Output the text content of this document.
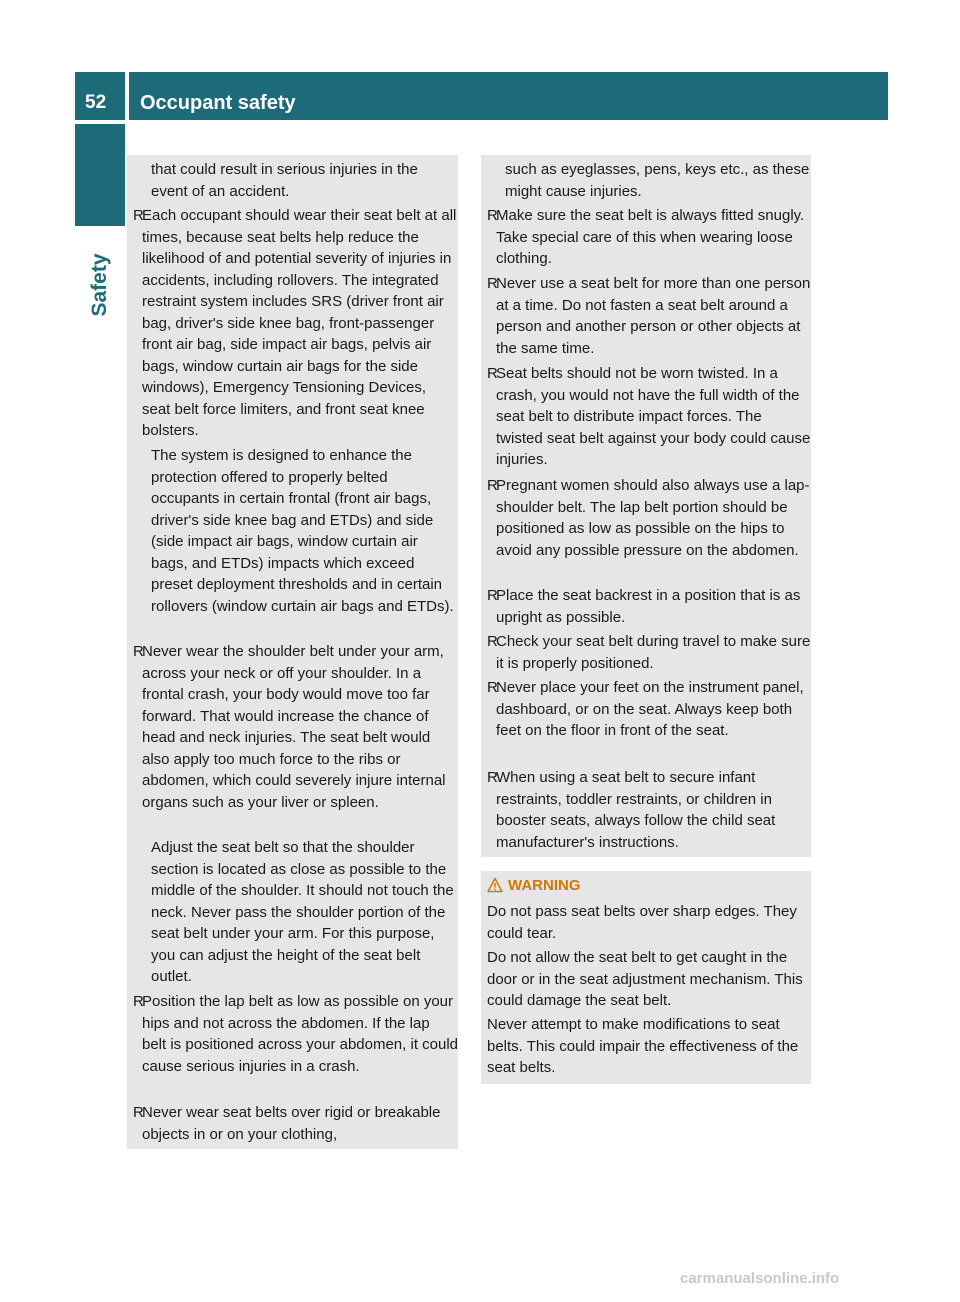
52 Occupant safety
Safety

that could result in serious injuries in the event of an accident.

R

Each occupant should wear their seat belt at all times, because seat belts help reduce the likelihood of and potential severity of injuries in accidents, including rollovers. The integrated restraint system includes SRS (driver front air bag, driver's side knee bag, front-passenger front air bag, side impact air bags, pelvis air bags, window curtain air bags for the side windows), Emergency Tensioning Devices, seat belt force limiters, and front seat knee bolsters.

The system is designed to enhance the protection offered to properly belted occupants in certain frontal (front air bags, driver's side knee bag and ETDs) and side (side impact air bags, window curtain air bags, and ETDs) impacts which exceed preset deployment thresholds and in certain rollovers (window curtain air bags and ETDs).

R

Never wear the shoulder belt under your arm, across your neck or off your shoulder. In a frontal crash, your body would move too far forward. That would increase the chance of head and neck injuries. The seat belt would also apply too much force to the ribs or abdomen, which could severely injure internal organs such as your liver or spleen.

Adjust the seat belt so that the shoulder section is located as close as possible to the middle of the shoulder. It should not touch the neck. Never pass the shoulder portion of the seat belt under your arm. For this purpose, you can adjust the height of the seat belt outlet.

R

Position the lap belt as low as possible on your hips and not across the abdomen. If the lap belt is positioned across your abdomen, it could cause serious injuries in a crash.

R

Never wear seat belts over rigid or breakable objects in or on your clothing,

such as eyeglasses, pens, keys etc., as these might cause injuries.

R

Make sure the seat belt is always fitted snugly. Take special care of this when wearing loose clothing.

R

Never use a seat belt for more than one person at a time. Do not fasten a seat belt around a person and another person or other objects at the same time.

R

Seat belts should not be worn twisted. In a crash, you would not have the full width of the seat belt to distribute impact forces. The twisted seat belt against your body could cause injuries.

R

Pregnant women should also always use a lap-shoulder belt. The lap belt portion should be positioned as low as possible on the hips to avoid any possible pressure on the abdomen.

R

Place the seat backrest in a position that is as upright as possible.

R

Check your seat belt during travel to make sure it is properly positioned.

R

Never place your feet on the instrument panel, dashboard, or on the seat. Always keep both feet on the floor in front of the seat.

R

When using a seat belt to secure infant restraints, toddler restraints, or children in booster seats, always follow the child seat manufacturer's instructions.

WARNING

Do not pass seat belts over sharp edges. They could tear.

Do not allow the seat belt to get caught in the door or in the seat adjustment mechanism. This could damage the seat belt.

Never attempt to make modifications to seat belts. This could impair the effectiveness of the seat belts.

carmanualsonline.info
